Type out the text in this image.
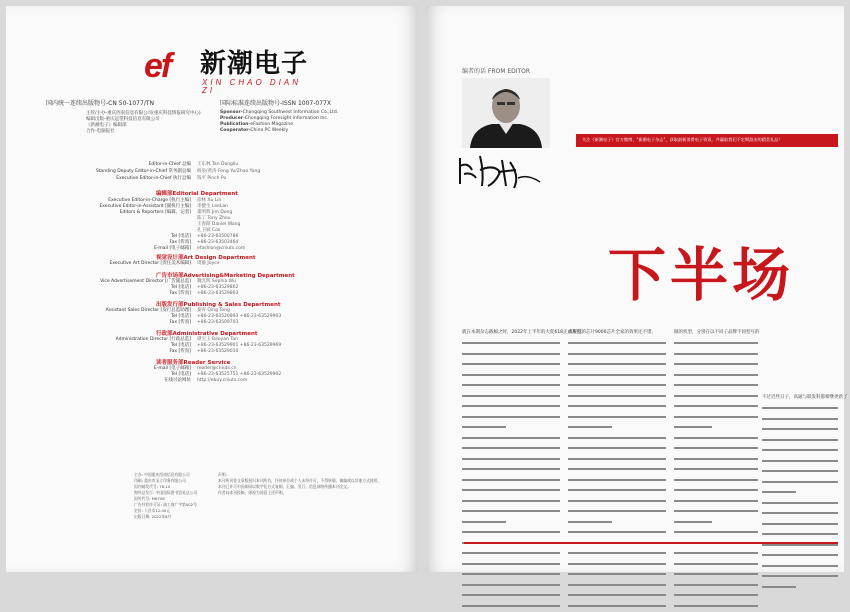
ef 新潮电子
XIN CHAO DIAN ZI
国内统一连续出版物号-CN 50-1077/TN	国际标准连续出版物号-ISSN 1007-077X
主管/主办-重庆西南信息有限公司(重庆科技情报研究中心)	Sponsor-Chongqing Southwest Information Co.,Ltd.
编辑出版-重庆远望科技信息有限公司	Producer-Chongqing Foresight Information Inc.
《新潮电子》编辑部	Publication-eFashion Magazine
合作-电脑报社	Cooperator-China PC Weekly
Editor-in-Chief 总编 王东林 Tan Dongliu
Standing Deputy Editor-in-Chief 常务副总编 杨泉/黄涛 Feng Yu/Zhao Yang
Executive Editor-in-Chief 执行总编 钱平 Pinch Pu
编辑部Editorial Department
Executive Editor-in-Charge [执行主编] 徐林 Xu Lin
Executive Editor-in-Assistant [副执行主编] 李健生 LeeLan
Editors & Reporters [编辑、记者] 董明辉 Jim Dong
陈丁 Tony Zhou
王春阳 Daniel Wang
孔卫斌 Cox
Tel [电话] +86-23-63500786
Fax [传真] +86-23-63503464
E-mail [电子邮箱] efashion@cniuts.com
视觉设计部Art Design Department
Executive Art Director [责任美术编辑] 周静 Joyce
广告市场部Advertising&Marketing Department
Vice Advertisement Director [广告副总监] 魏光明 Sophia Wu
Tel [电话] +86-23-63529802
Fax [传真] +86-23-63529803
出版发行部Publishing & Sales Department
Assistant Sales Director [发行总监助理] 秦青 Qing Tong
Tel [电话] +86-23-63520993 +86-23-63529903
Fax [传真] +86-23-63509703
行政部Administrative Department
Administration Director [行政总监] 谭宝玉 Baoyan Tan
Tel [电话] +86-23-63529901 +86-23-63529969
Fax [传真] +86-23-63529010
读者服务部Reader Service
E-mail [电子邮箱] reader@cniuts.cn
Tel [电话] +86-23-63525751 +86-23-63529902
在线讨论网址 http://ebuy.cniuts.com
主办: 中国重庆西南信息有限公司
印刷: 重庆市圣立印务有限公司
国内邮发代号: 78-10
海外总发行: 中国国际图书贸易总公司
国外代号: M6706
广告经营许可证: 渝工商广字第002号
定价: 人民币12.00元
出版日期: 2022年8月
声明:
本刊所刊登文章版权归本刊所有，任何单位或个人未经许可，不得转载、摘编或以其他方式使用。
本刊已许可中国知网以数字化方式复制、汇编、发行、信息网络传播本刊全文。
作者向本刊投稿，即视为同意上述声明。
编者的话 FROM EDITOR
关注《新潮电子》官方微博、"新潮电子杂志"，获取最新消费电子资讯，并赢取我们不定期派出的精美礼品！
下半场
就在本期杂志截稿之时，2022年上半年的大促618正式开启。
旗舰型的芯片9000芯片全家的效果还不错，	做的机型，分别在以不同子品牌不同型号的
不过近些日子，高通与联发科都相继更新了
